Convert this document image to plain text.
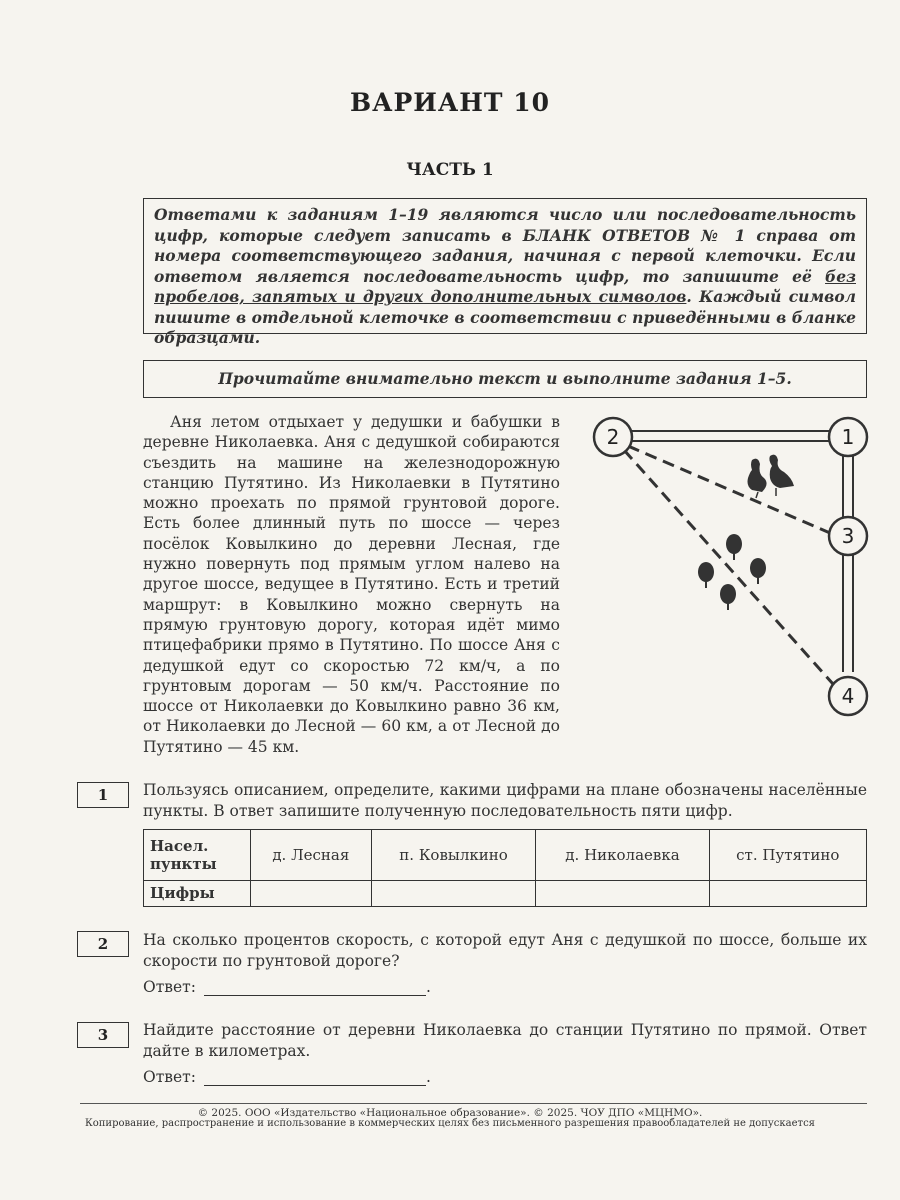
ВАРИАНТ 10
ЧАСТЬ 1
Ответами к заданиям 1–19 являются число или последовательность цифр, которые следует записать в БЛАНК ОТВЕТОВ № 1 справа от номера соответствующего задания, начиная с первой клеточки. Если ответом является последовательность цифр, то запишите её без пробелов, запятых и других дополнительных символов. Каждый символ пишите в отдельной клеточке в соответствии с приведёнными в бланке образцами.
Прочитайте внимательно текст и выполните задания 1–5.
Аня летом отдыхает у дедушки и бабушки в деревне Николаевка. Аня с дедушкой собираются съездить на машине на железнодорожную станцию Путятино. Из Николаевки в Путятино можно проехать по прямой грунтовой дороге. Есть более длинный путь по шоссе — через посёлок Ковылкино до деревни Лесная, где нужно повернуть под прямым углом налево на другое шоссе, ведущее в Путятино. Есть и третий маршрут: в Ковылкино можно свернуть на прямую грунтовую дорогу, которая идёт мимо птицефабрики прямо в Путятино. По шоссе Аня с дедушкой едут со скоростью 72 км/ч, а по грунтовым дорогам — 50 км/ч. Расстояние по шоссе от Николаевки до Ковылкино равно 36 км, от Николаевки до Лесной — 60 км, а от Лесной до Путятино — 45 км.
2	1
3
4
1	Пользуясь описанием, определите, какими цифрами на плане обозначены населённые пункты. В ответ запишите полученную последовательность пяти цифр.
Насел. пункты	д. Лесная	п. Ковылкино	д. Николаевка	ст. Путятино
Цифры				
2	На сколько процентов скорость, с которой едут Аня с дедушкой по шоссе, больше их скорости по грунтовой дороге?
Ответ:	.
3	Найдите расстояние от деревни Николаевка до станции Путятино по прямой. Ответ дайте в километрах.
Ответ:	.
© 2025. ООО «Издательство «Национальное образование». © 2025. ЧОУ ДПО «МЦНМО».
Копирование, распространение и использование в коммерческих целях без письменного разрешения правообладателей не допускается
